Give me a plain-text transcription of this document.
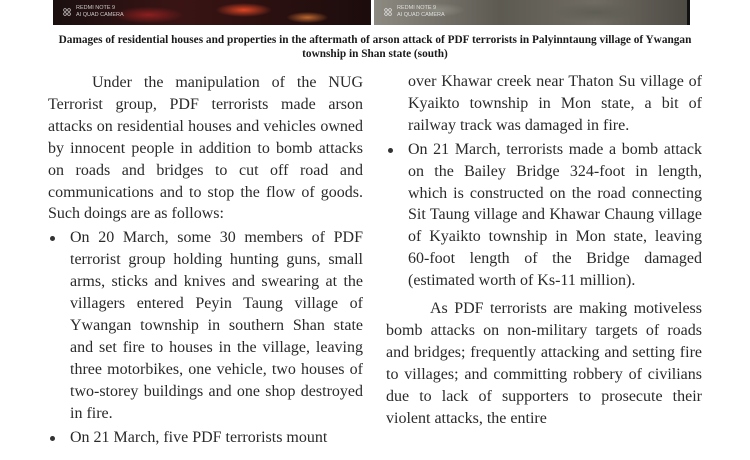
REDMI NOTE 9
AI QUAD CAMERA
REDMI NOTE 9
AI QUAD CAMERA

Damages of residential houses and properties in the aftermath of arson attack of PDF terrorists in Palyinntaung village of Ywangan township in Shan state (south)

Under the manipulation of the NUG Terrorist group, PDF terrorists made arson attacks on residential houses and vehicles owned by innocent people in addition to bomb attacks on roads and bridges to cut off road and communications and to stop the flow of goods. Such doings are as follows:

On 20 March, some 30 members of PDF terrorist group holding hunting guns, small arms, sticks and knives and swearing at the villagers entered Peyin Taung village of Ywangan township in southern Shan state and set fire to houses in the village, leaving three motorbikes, one vehicle, two houses of two-storey buildings and one shop destroyed in fire.
On 21 March, five PDF terrorists mount
over Khawar creek near Thaton Su village of Kyaikto township in Mon state, a bit of railway track was damaged in fire.
On 21 March, terrorists made a bomb attack on the Bailey Bridge 324-foot in length, which is constructed on the road connecting Sit Taung village and Khawar Chaung village of Kyaikto township in Mon state, leaving 60-foot length of the Bridge damaged (estimated worth of Ks-11 million).

As PDF terrorists are making motiveless bomb attacks on non-military targets of roads and bridges; frequently attacking and setting fire to villages; and committing robbery of civilians due to lack of supporters to prosecute their violent attacks, the entire
